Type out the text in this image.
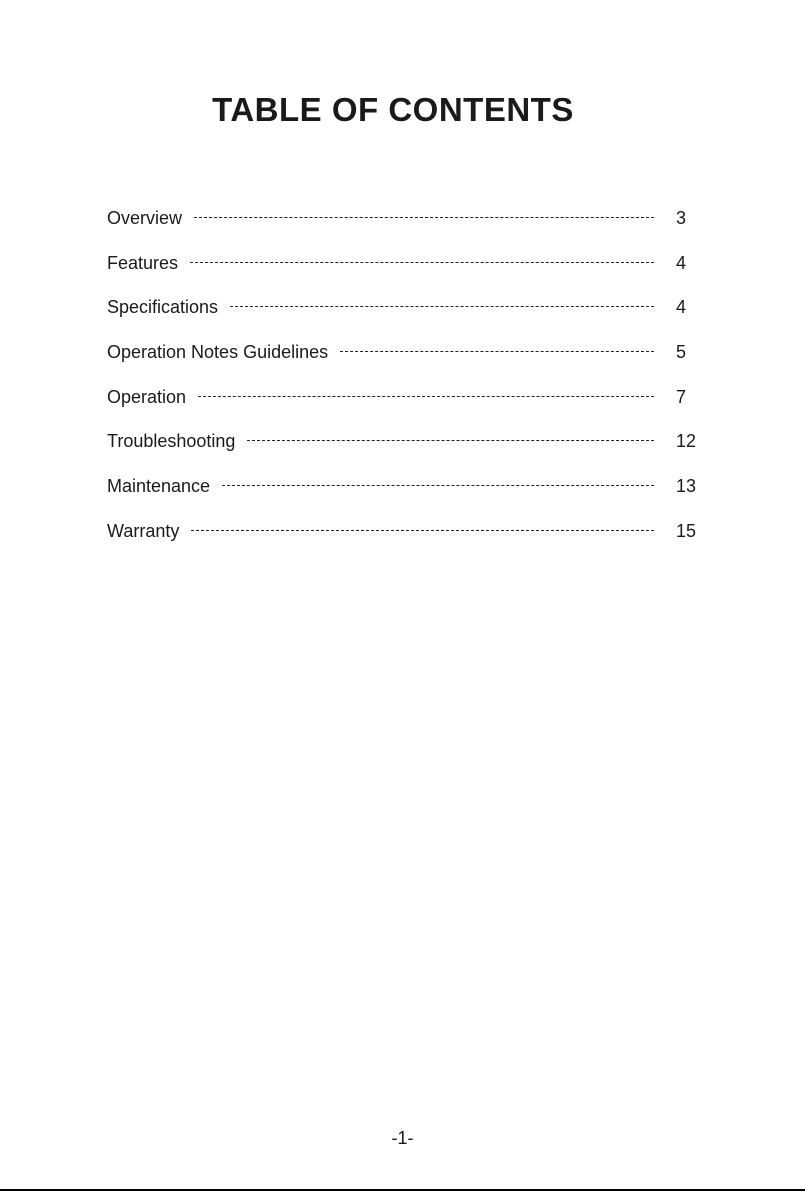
TABLE OF CONTENTS
Overview	3
Features	4
Specifications	4
Operation Notes Guidelines	5
Operation	7
Troubleshooting	12
Maintenance	13
Warranty	15
-1-
